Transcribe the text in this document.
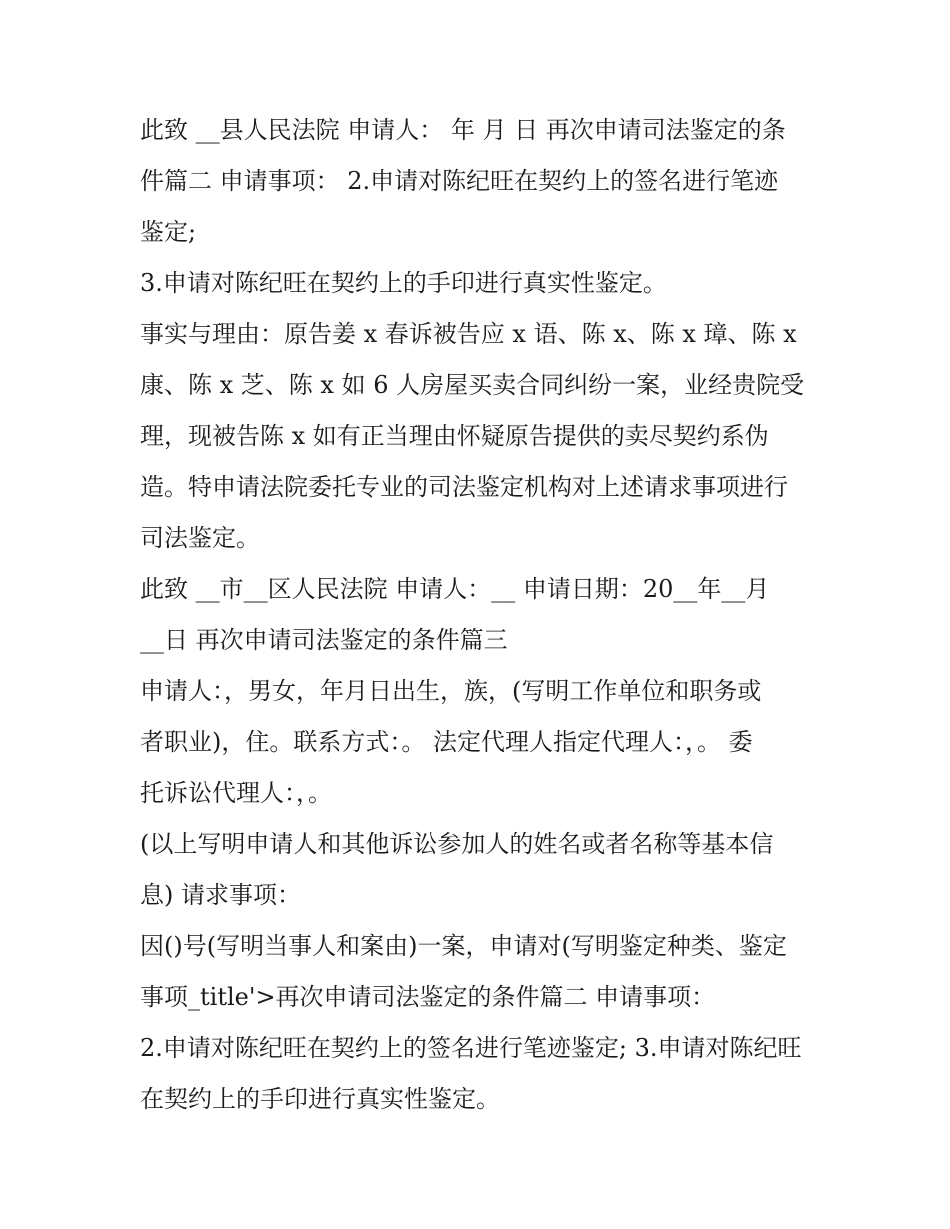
此致 __县人民法院 申请人： 年 月 日 再次申请司法鉴定的条
件篇二 申请事项： 2.申请对陈纪旺在契约上的签名进行笔迹
鉴定;
3.申请对陈纪旺在契约上的手印进行真实性鉴定。
事实与理由：原告姜 x 春诉被告应 x 语、陈 x、陈 x 璋、陈 x
康、陈 x 芝、陈 x 如 6 人房屋买卖合同纠纷一案，业经贵院受
理，现被告陈 x 如有正当理由怀疑原告提供的卖尽契约系伪
造。特申请法院委托专业的司法鉴定机构对上述请求事项进行
司法鉴定。
此致 __市__区人民法院 申请人：__ 申请日期：20__年__月
__日 再次申请司法鉴定的条件篇三
申请人：，男女，年月日出生，族，(写明工作单位和职务或
者职业)，住。联系方式：。 法定代理人指定代理人：，。 委
托诉讼代理人：，。
(以上写明申请人和其他诉讼参加人的姓名或者名称等基本信
息) 请求事项：
因()号(写明当事人和案由)一案，申请对(写明鉴定种类、鉴定
事项_title'>再次申请司法鉴定的条件篇二 申请事项：
2.申请对陈纪旺在契约上的签名进行笔迹鉴定; 3.申请对陈纪旺
在契约上的手印进行真实性鉴定。
